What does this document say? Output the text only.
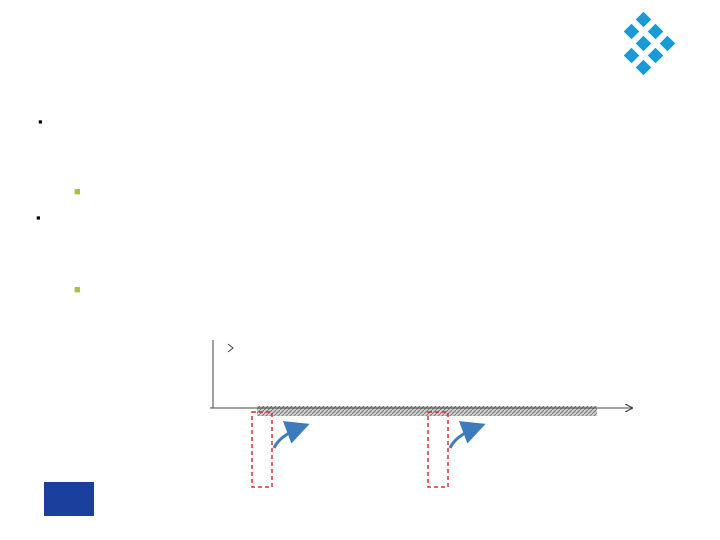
▪
■
▪
■
